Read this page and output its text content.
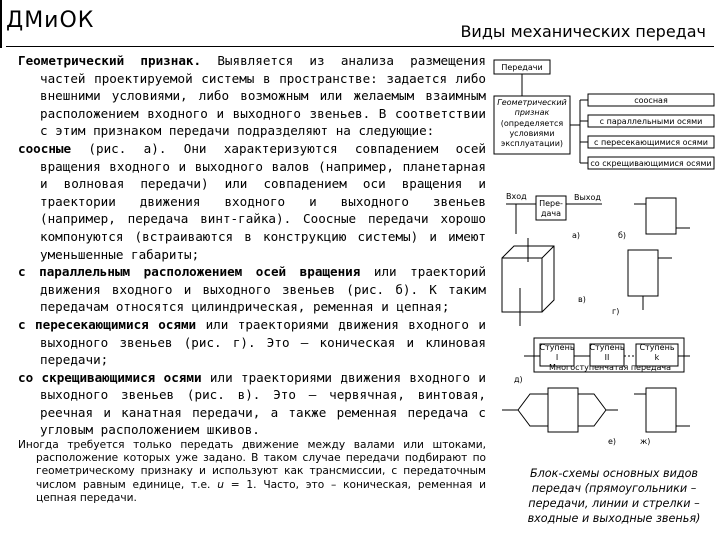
ДМиОК	Виды механических передач

Геометрический признак. Выявляется из анализа размещения частей проектируемой системы в пространстве: задается либо внешними условиями, либо возможным или желаемым взаимным расположением входного и выходного звеньев. В соответствии с этим признаком передачи подразделяют на следующие:

соосные (рис. а). Они характеризуются совпадением осей вращения входного и выходного валов (например, планетарная и волновая передачи) или совпадением оси вращения и траектории движения входного и выходного звеньев (например, передача винт-гайка). Соосные передачи хорошо компонуются (встраиваются в конструкцию системы) и имеют уменьшенные габариты;

с параллельным расположением осей вращения или траекторий движения входного и выходного звеньев (рис. б). К таким передачам относятся цилиндрическая, ременная и цепная;

с пересекающимися осями или траекториями движения входного и выходного звеньев (рис. г). Это – коническая и клиновая передачи;

со скрещивающимися осями или траекториями движения входного и выходного звеньев (рис. в). Это – червячная, винтовая, реечная и канатная передачи, а также ременная передача с угловым расположением шкивов.

Иногда требуется только передать движение между валами или штоками, расположение которых уже задано. В таком случае передачи подбирают по геометрическому признаку и используют как трансмиссии, с передаточным числом равным единице, т.е. u = 1. Часто, это – коническая, ременная и цепная передачи.

Передачи
Геометрический
признак
(определяется
условиями
эксплуатации)
соосная
с параллельными осями
с пересекающимися осями
со скрещивающимися осями
Вход
Пере-
дача
Выход
а)	б)
в)
г)
Ступень
I
Ступень
II
Ступень
k
Многоступенчатая передача
д)
е)	ж)
Блок-схемы основных видов передач (прямоугольники – передачи, линии и стрелки – входные и выходные звенья)
